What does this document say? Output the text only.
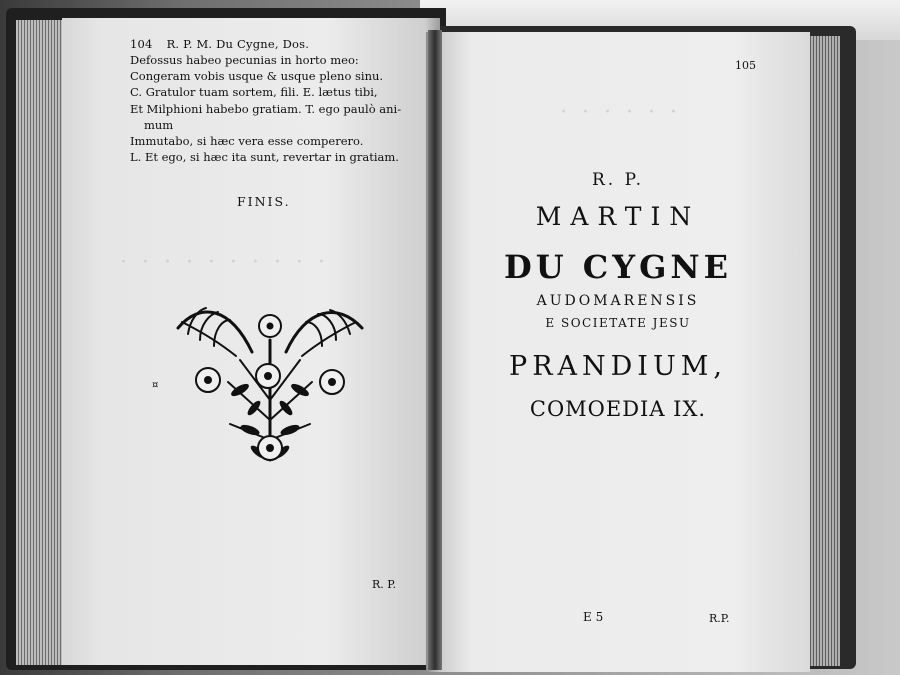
· · · · · · · · · ·
· · · · · ·
104 R. P. M. Du Cygne, Dos.
Defossus habeo pecunias in horto meo:
Congeram vobis usque & usque pleno sinu.
C. Gratulor tuam sortem, fili. E. lætus tibi,
Et Milphioni habebo gratiam. T. ego paulò ani-
mum
Immutabo, si hæc vera esse comperero.
L. Et ego, si hæc ita sunt, revertar in gratiam.
FINIS.
¤
R. P.
105
R. P.
MARTIN
DU CYGNE
AUDOMARENSIS
E SOCIETATE JESU
PRANDIUM,
COMOEDIA IX.
E 5	R.P.
